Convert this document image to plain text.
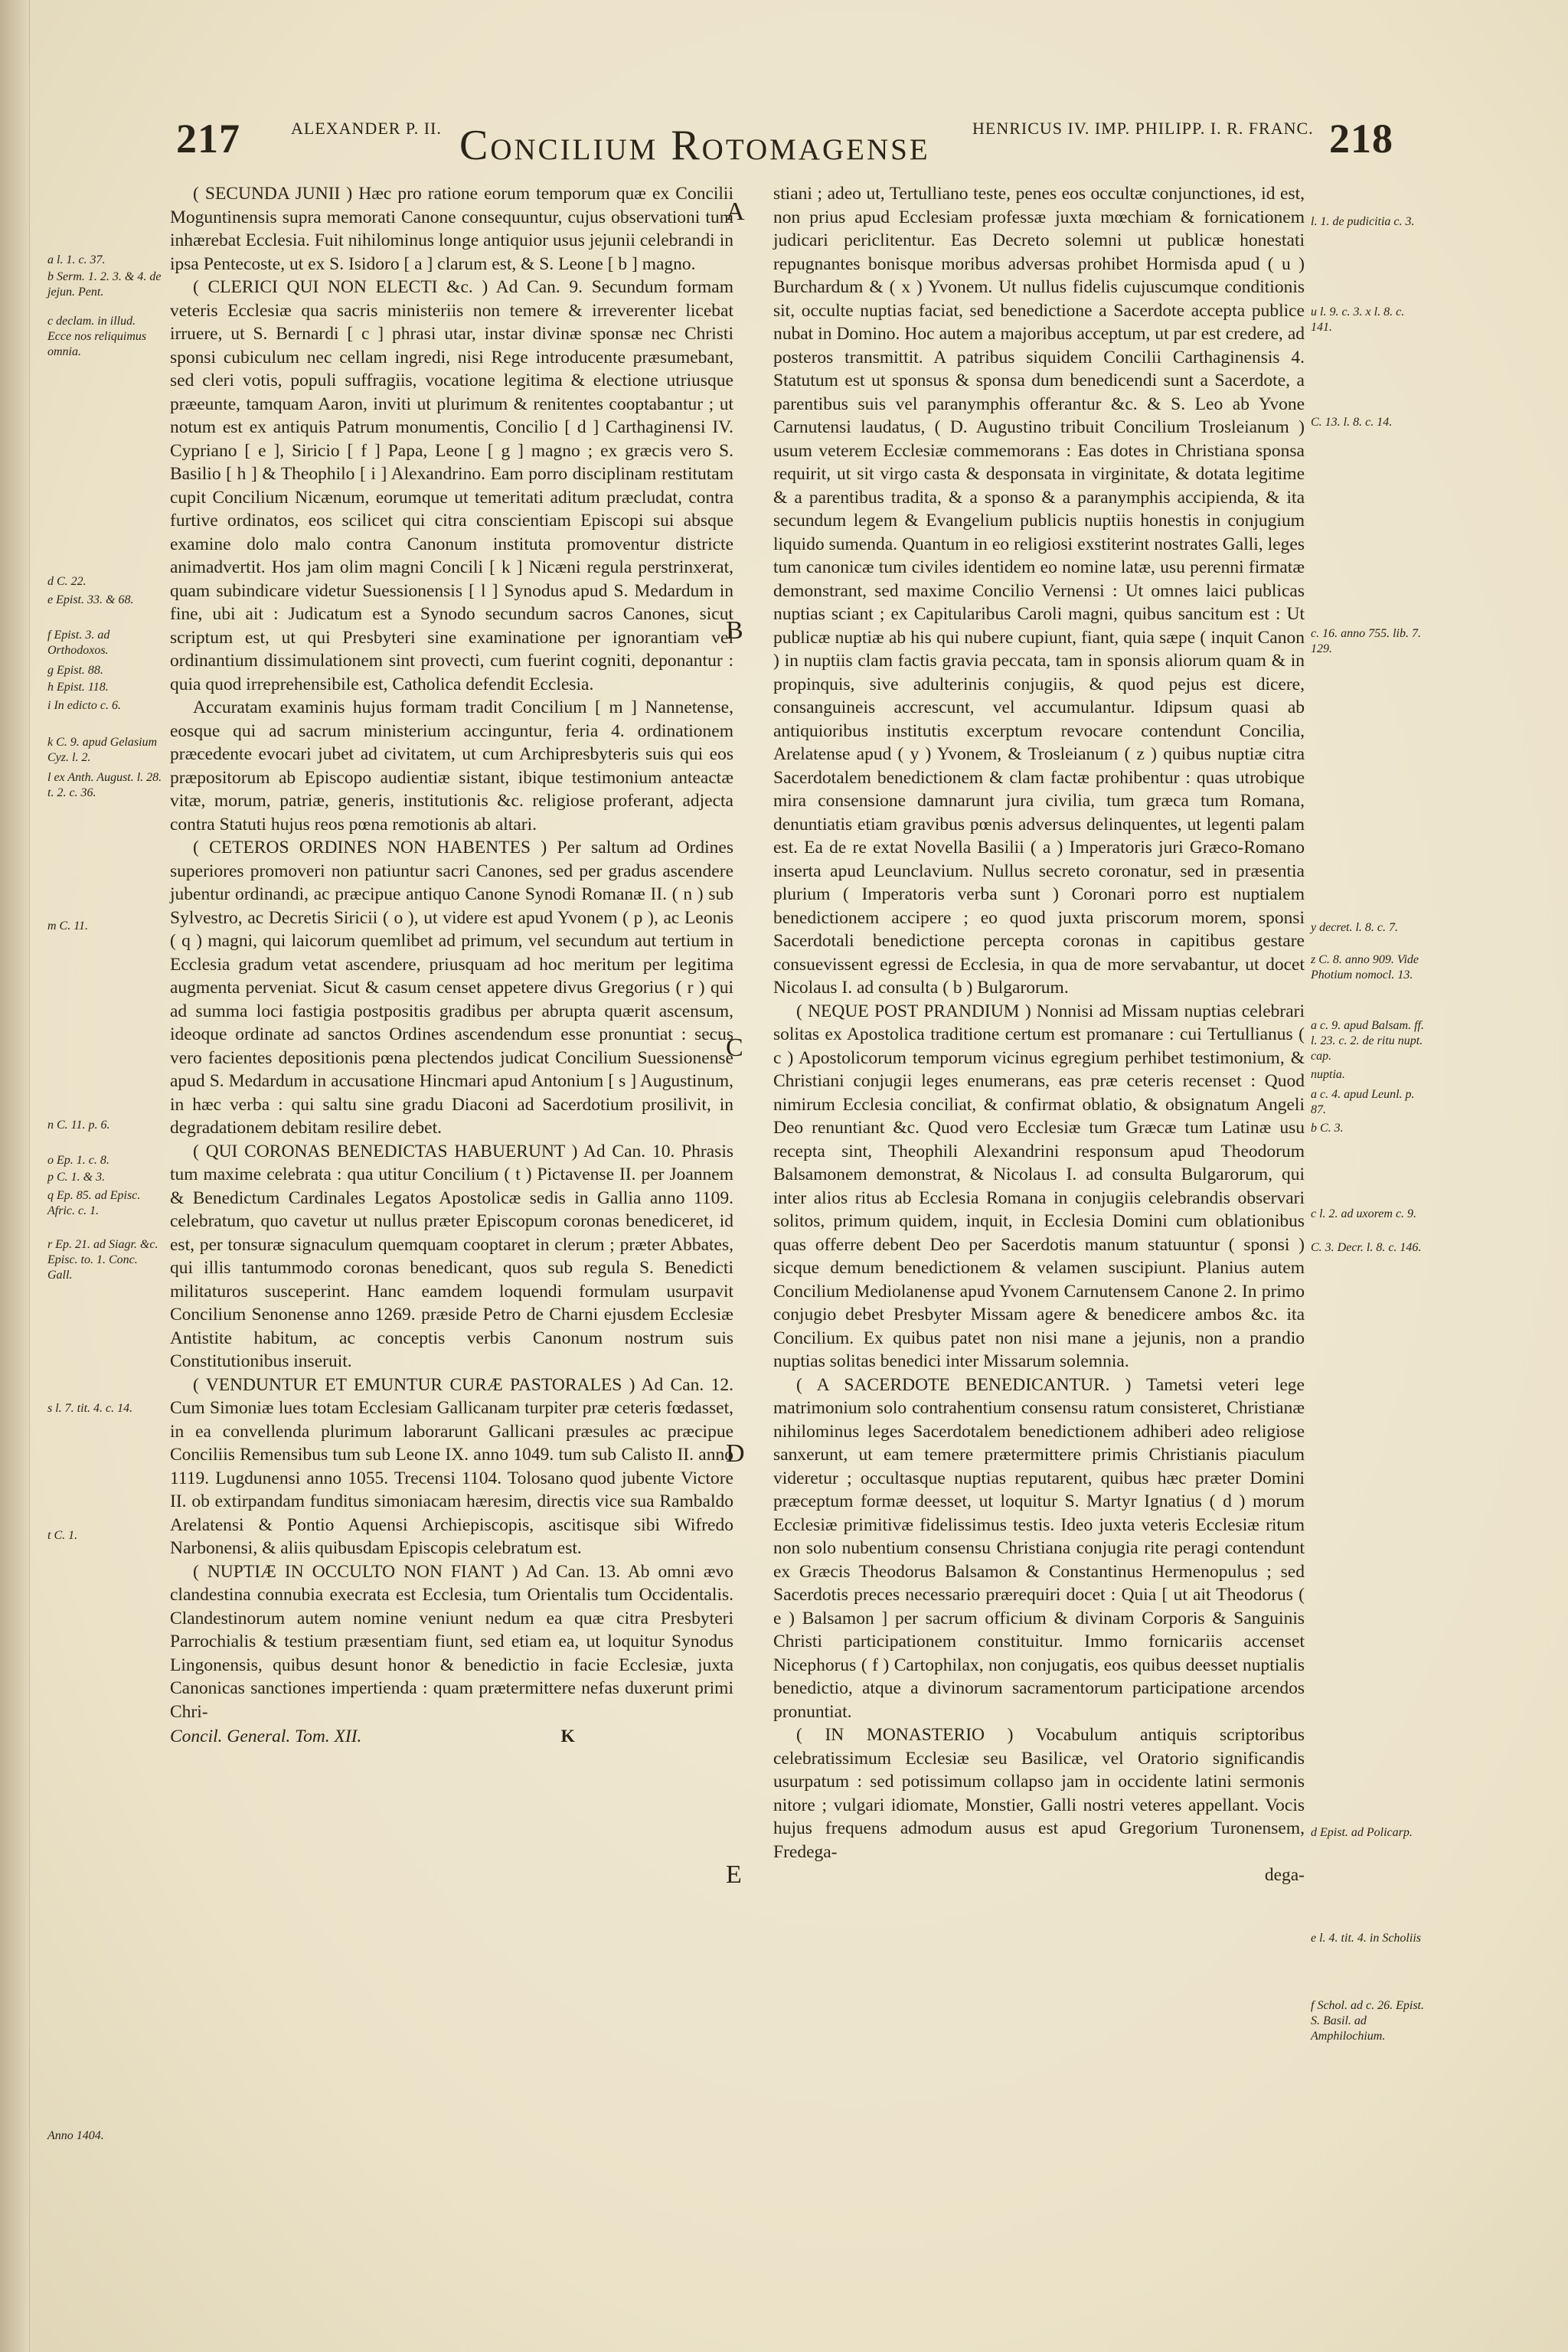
217	ALEXANDER P. II. Concilium Rotomagense	HENRICUS IV. IMP. PHILIPP. I. R. FRANC. 218

( SECUNDA JUNII ) Hæc pro ratione eorum temporum quæ ex Concilii Moguntinensis supra memorati Canone consequuntur, cujus observationi tum inhærebat Ecclesia. Fuit nihilominus longe antiquior usus jejunii celebrandi in ipsa Pentecoste, ut ex S. Isidoro [ a ] clarum est, & S. Leone [ b ] magno.

( CLERICI QUI NON ELECTI &c. ) Ad Can. 9. Secundum formam veteris Ecclesiæ qua sacris ministeriis non temere & irreverenter licebat irruere, ut S. Bernardi [ c ] phrasi utar, instar divinæ sponsæ nec Christi sponsi cubiculum nec cellam ingredi, nisi Rege introducente præsumebant, sed cleri votis, populi suffragiis, vocatione legitima & electione utriusque præeunte, tamquam Aaron, inviti ut plurimum & renitentes cooptabantur ; ut notum est ex antiquis Patrum monumentis, Concilio [ d ] Carthaginensi IV. Cypriano [ e ], Siricio [ f ] Papa, Leone [ g ] magno ; ex græcis vero S. Basilio [ h ] & Theophilo [ i ] Alexandrino. Eam porro disciplinam restitutam cupit Concilium Nicænum, eorumque ut temeritati aditum præcludat, contra furtive ordinatos, eos scilicet qui citra conscientiam Episcopi sui absque examine dolo malo contra Canonum instituta promoventur districte animadvertit. Hos jam olim magni Concili [ k ] Nicæni regula perstrinxerat, quam subindicare videtur Suessionensis [ l ] Synodus apud S. Medardum in fine, ubi ait : Judicatum est a Synodo secundum sacros Canones, sicut scriptum est, ut qui Presbyteri sine examinatione per ignorantiam vel ordinantium dissimulationem sint provecti, cum fuerint cogniti, deponantur : quia quod irreprehensibile est, Catholica defendit Ecclesia.

Accuratam examinis hujus formam tradit Concilium [ m ] Nannetense, eosque qui ad sacrum ministerium accinguntur, feria 4. ordinationem præcedente evocari jubet ad civitatem, ut cum Archipresbyteris suis qui eos præpositorum ab Episcopo audientiæ sistant, ibique testimonium anteactæ vitæ, morum, patriæ, generis, institutionis &c. religiose proferant, adjecta contra Statuti hujus reos pœna remotionis ab altari.

( CETEROS ORDINES NON HABENTES ) Per saltum ad Ordines superiores promoveri non patiuntur sacri Canones, sed per gradus ascendere jubentur ordinandi, ac præcipue antiquo Canone Synodi Romanæ II. ( n ) sub Sylvestro, ac Decretis Siricii ( o ), ut videre est apud Yvonem ( p ), ac Leonis ( q ) magni, qui laicorum quemlibet ad primum, vel secundum aut tertium in Ecclesia gradum vetat ascendere, priusquam ad hoc meritum per legitima augmenta perveniat. Sicut & casum censet appetere divus Gregorius ( r ) qui ad summa loci fastigia postpositis gradibus per abrupta quærit ascensum, ideoque ordinate ad sanctos Ordines ascendendum esse pronuntiat : secus vero facientes depositionis pœna plectendos judicat Concilium Suessionense apud S. Medardum in accusatione Hincmari apud Antonium [ s ] Augustinum, in hæc verba : qui saltu sine gradu Diaconi ad Sacerdotium prosilivit, in degradationem debitam resilire debet.

( QUI CORONAS BENEDICTAS HABUERUNT ) Ad Can. 10. Phrasis tum maxime celebrata : qua utitur Concilium ( t ) Pictavense II. per Joannem & Benedictum Cardinales Legatos Apostolicæ sedis in Gallia anno 1109. celebratum, quo cavetur ut nullus præter Episcopum coronas benediceret, id est, per tonsuræ signaculum quemquam cooptaret in clerum ; præter Abbates, qui illis tantummodo coronas benedicant, quos sub regula S. Benedicti militaturos susceperint. Hanc eamdem loquendi formulam usurpavit Concilium Senonense anno 1269. præside Petro de Charni ejusdem Ecclesiæ Antistite habitum, ac conceptis verbis Canonum nostrum suis Constitutionibus inseruit.

( VENDUNTUR ET EMUNTUR CURÆ PASTORALES ) Ad Can. 12. Cum Simoniæ lues totam Ecclesiam Gallicanam turpiter præ ceteris fœdasset, in ea convellenda plurimum laborarunt Gallicani præsules ac præcipue Conciliis Remensibus tum sub Leone IX. anno 1049. tum sub Calisto II. anno 1119. Lugdunensi anno 1055. Trecensi 1104. Tolosano quod jubente Victore II. ob extirpandam funditus simoniacam hæresim, directis vice sua Rambaldo Arelatensi & Pontio Aquensi Archiepiscopis, ascitisque sibi Wifredo Narbonensi, & aliis quibusdam Episcopis celebratum est.

( NUPTIÆ IN OCCULTO NON FIANT ) Ad Can. 13. Ab omni ævo clandestina connubia execrata est Ecclesia, tum Orientalis tum Occidentalis. Clandestinorum autem nomine veniunt nedum ea quæ citra Presbyteri Parrochialis & testium præsentiam fiunt, sed etiam ea, ut loquitur Synodus Lingonensis, quibus desunt honor & benedictio in facie Ecclesiæ, juxta Canonicas sanctiones impertienda : quam prætermittere nefas duxerunt primi Chri-

Concil. General. Tom. XII.	K

stiani ; adeo ut, Tertulliano teste, penes eos occultæ conjunctiones, id est, non prius apud Ecclesiam professæ juxta mœchiam & fornicationem judicari periclitentur. Eas Decreto solemni ut publicæ honestati repugnantes bonisque moribus adversas prohibet Hormisda apud ( u ) Burchardum & ( x ) Yvonem. Ut nullus fidelis cujuscumque conditionis sit, occulte nuptias faciat, sed benedictione a Sacerdote accepta publice nubat in Domino. Hoc autem a majoribus acceptum, ut par est credere, ad posteros transmittit. A patribus siquidem Concilii Carthaginensis 4. Statutum est ut sponsus & sponsa dum benedicendi sunt a Sacerdote, a parentibus suis vel paranymphis offerantur &c. & S. Leo ab Yvone Carnutensi laudatus, ( D. Augustino tribuit Concilium Trosleianum ) usum veterem Ecclesiæ commemorans : Eas dotes in Christiana sponsa requirit, ut sit virgo casta & desponsata in virginitate, & dotata legitime & a parentibus tradita, & a sponso & a paranymphis accipienda, & ita secundum legem & Evangelium publicis nuptiis honestis in conjugium liquido sumenda. Quantum in eo religiosi exstiterint nostrates Galli, leges tum canonicæ tum civiles identidem eo nomine latæ, usu perenni firmatæ demonstrant, sed maxime Concilio Vernensi : Ut omnes laici publicas nuptias sciant ; ex Capitularibus Caroli magni, quibus sancitum est : Ut publicæ nuptiæ ab his qui nubere cupiunt, fiant, quia sæpe ( inquit Canon ) in nuptiis clam factis gravia peccata, tam in sponsis aliorum quam & in propinquis, sive adulterinis conjugiis, & quod pejus est dicere, consanguineis accrescunt, vel accumulantur. Idipsum quasi ab antiquioribus institutis excerptum revocare contendunt Concilia, Arelatense apud ( y ) Yvonem, & Trosleianum ( z ) quibus nuptiæ citra Sacerdotalem benedictionem & clam factæ prohibentur : quas utrobique mira consensione damnarunt jura civilia, tum græca tum Romana, denuntiatis etiam gravibus pœnis adversus delinquentes, ut legenti palam est. Ea de re extat Novella Basilii ( a ) Imperatoris juri Græco-Romano inserta apud Leunclavium. Nullus secreto coronatur, sed in præsentia plurium ( Imperatoris verba sunt ) Coronari porro est nuptialem benedictionem accipere ; eo quod juxta priscorum morem, sponsi Sacerdotali benedictione percepta coronas in capitibus gestare consuevissent egressi de Ecclesia, in qua de more servabantur, ut docet Nicolaus I. ad consulta ( b ) Bulgarorum.

( NEQUE POST PRANDIUM ) Nonnisi ad Missam nuptias celebrari solitas ex Apostolica traditione certum est promanare : cui Tertullianus ( c ) Apostolicorum temporum vicinus egregium perhibet testimonium, & Christiani conjugii leges enumerans, eas præ ceteris recenset : Quod nimirum Ecclesia conciliat, & confirmat oblatio, & obsignatum Angeli Deo renuntiant &c. Quod vero Ecclesiæ tum Græcæ tum Latinæ usu recepta sint, Theophili Alexandrini responsum apud Theodorum Balsamonem demonstrat, & Nicolaus I. ad consulta Bulgarorum, qui inter alios ritus ab Ecclesia Romana in conjugiis celebrandis observari solitos, primum quidem, inquit, in Ecclesia Domini cum oblationibus quas offerre debent Deo per Sacerdotis manum statuuntur ( sponsi ) sicque demum benedictionem & velamen suscipiunt. Planius autem Concilium Mediolanense apud Yvonem Carnutensem Canone 2. In primo conjugio debet Presbyter Missam agere & benedicere ambos &c. ita Concilium. Ex quibus patet non nisi mane a jejunis, non a prandio nuptias solitas benedici inter Missarum solemnia.

( A SACERDOTE BENEDICANTUR. ) Tametsi veteri lege matrimonium solo contrahentium consensu ratum consisteret, Christianæ nihilominus leges Sacerdotalem benedictionem adhiberi adeo religiose sanxerunt, ut eam temere prætermittere primis Christianis piaculum videretur ; occultasque nuptias reputarent, quibus hæc præter Domini præceptum formæ deesset, ut loquitur S. Martyr Ignatius ( d ) morum Ecclesiæ primitivæ fidelissimus testis. Ideo juxta veteris Ecclesiæ ritum non solo nubentium consensu Christiana conjugia rite peragi contendunt ex Græcis Theodorus Balsamon & Constantinus Hermenopulus ; sed Sacerdotis preces necessario prærequiri docet : Quia [ ut ait Theodorus ( e ) Balsamon ] per sacrum officium & divinam Corporis & Sanguinis Christi participationem constituitur. Immo fornicariis accenset Nicephorus ( f ) Cartophilax, non conjugatis, eos quibus deesset nuptialis benedictio, atque a divinorum sacramentorum participatione arcendos pronuntiat.

( IN MONASTERIO ) Vocabulum antiquis scriptoribus celebratissimum Ecclesiæ seu Basilicæ, vel Oratorio significandis usurpatum : sed potissimum collapso jam in occidente latini sermonis nitore ; vulgari idiomate, Monstier, Galli nostri veteres appellant. Vocis hujus frequens admodum ausus est apud Gregorium Turonensem, Fredega-

dega-

A
B
C
D
E
a l. 1. c. 37.
b Serm. 1. 2. 3. & 4. de jejun. Pent.
c declam. in illud. Ecce nos reliquimus omnia.
d C. 22.
e Epist. 33. & 68.
f Epist. 3. ad Orthodoxos.
g Epist. 88.
h Epist. 118.
i In edicto c. 6.
k C. 9. apud Gelasium Cyz. l. 2.
l ex Anth. August. l. 28. t. 2. c. 36.
m C. 11.
n C. 11. p. 6.
o Ep. 1. c. 8.
p C. 1. & 3.
q Ep. 85. ad Episc. Afric. c. 1.
r Ep. 21. ad Siagr. &c. Episc. to. 1. Conc. Gall.
s l. 7. tit. 4. c. 14.
t C. 1.
Anno 1404.
l. 1. de pudicitia c. 3.
u l. 9. c. 3. x l. 8. c. 141.
C. 13. l. 8. c. 14.
c. 16. anno 755. lib. 7. 129.
y decret. l. 8. c. 7.
z C. 8. anno 909. Vide Photium nomocl. 13.
a c. 9. apud Balsam. ff. l. 23. c. 2. de ritu nupt. cap.
nuptia.
a c. 4. apud Leunl. p. 87.
b C. 3.
c l. 2. ad uxorem c. 9.
C. 3. Decr. l. 8. c. 146.
d Epist. ad Policarp.
e l. 4. tit. 4. in Scholiis
f Schol. ad c. 26. Epist. S. Basil. ad Amphilochium.
